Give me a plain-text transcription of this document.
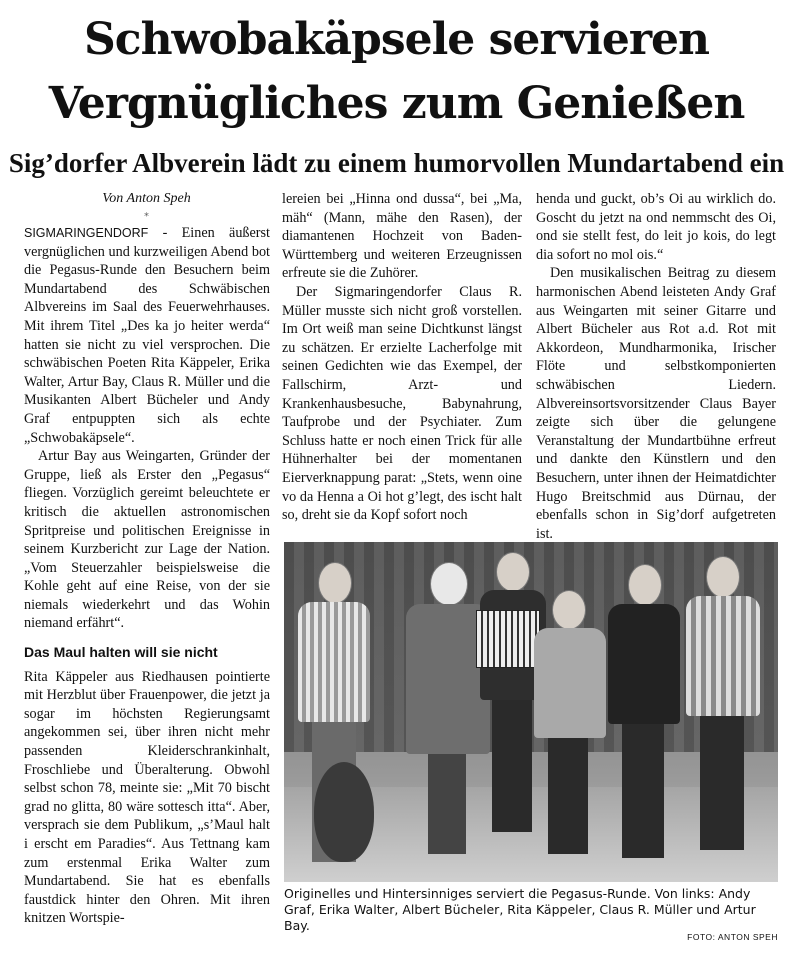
Schwobakäpsele servieren
Vergnügliches zum Genießen
Sig’dorfer Albverein lädt zu einem humorvollen Mundartabend ein
Von Anton Speh
⁎

SIGMARINGENDORF - Einen äußerst vergnüglichen und kurzweiligen Abend bot die Pegasus-Runde den Besuchern beim Mundartabend des Schwäbischen Albvereins im Saal des Feuerwehrhauses. Mit ihrem Titel „Des ka jo heiter werda“ hatten sie nicht zu viel versprochen. Die schwäbischen Poeten Rita Käppeler, Erika Walter, Artur Bay, Claus R. Müller und die Musikanten Albert Bücheler und Andy Graf entpuppten sich als echte „Schwobakäpsele“.

Artur Bay aus Weingarten, Gründer der Gruppe, ließ als Erster den „Pegasus“ fliegen. Vorzüglich gereimt beleuchtete er kritisch die aktuellen astronomischen Spritpreise und politischen Ereignisse in seinem Kurzbericht zur Lage der Nation. „Vom Steuerzahler beispielsweise die Kohle geht auf eine Reise, von der sie niemals wiederkehrt und das Wohin niemand erfährt“.

Das Maul halten will sie nicht

Rita Käppeler aus Riedhausen pointierte mit Herzblut über Frauenpower, die jetzt ja sogar im höchsten Regierungsamt angekommen sei, über ihren nicht mehr passenden Kleiderschrankinhalt, Froschliebe und Überalterung. Obwohl selbst schon 78, meinte sie: „Mit 70 bischt grad no glitta, 80 wäre sottesch itta“. Aber, versprach sie dem Publikum, „s’Maul halt i erscht em Paradies“. Aus Tettnang kam zum erstenmal Erika Walter zum Mundartabend. Sie hat es ebenfalls faustdick hinter den Ohren. Mit ihren knitzen Wortspie-

lereien bei „Hinna ond dussa“, bei „Ma, mäh“ (Mann, mähe den Rasen), der diamantenen Hochzeit von Baden-Württemberg und weiteren Erzeugnissen erfreute sie die Zuhörer.

Der Sigmaringendorfer Claus R. Müller musste sich nicht groß vorstellen. Im Ort weiß man seine Dichtkunst längst zu schätzen. Er erzielte Lacherfolge mit seinen Gedichten wie das Exempel, der Fallschirm, Arzt- und Krankenhausbesuche, Babynahrung, Taufprobe und der Psychiater. Zum Schluss hatte er noch einen Trick für alle Hühnerhalter bei der momentanen Eierverknappung parat: „Stets, wenn oine vo da Henna a Oi hot g’legt, des ischt halt so, dreht sie da Kopf sofort noch

henda und guckt, ob’s Oi au wirklich do. Goscht du jetzt na ond nemmscht des Oi, ond sie stellt fest, do leit jo kois, do legt dia sofort no mol ois.“

Den musikalischen Beitrag zu diesem harmonischen Abend leisteten Andy Graf aus Weingarten mit seiner Gitarre und Albert Bücheler aus Rot a.d. Rot mit Akkordeon, Mundharmonika, Irischer Flöte und selbstkomponierten schwäbischen Liedern. Albvereinsortsvorsitzender Claus Bayer zeigte sich über die gelungene Veranstaltung der Mundartbühne erfreut und dankte den Künstlern und den Besuchern, unter ihnen der Heimatdichter Hugo Breitschmid aus Dürnau, der ebenfalls schon in Sig’dorf aufgetreten ist.

Originelles und Hintersinniges serviert die Pegasus-Runde. Von links: Andy Graf, Erika Walter, Albert Bücheler, Rita Käppeler, Claus R. Müller und Artur Bay.
FOTO: ANTON SPEH
